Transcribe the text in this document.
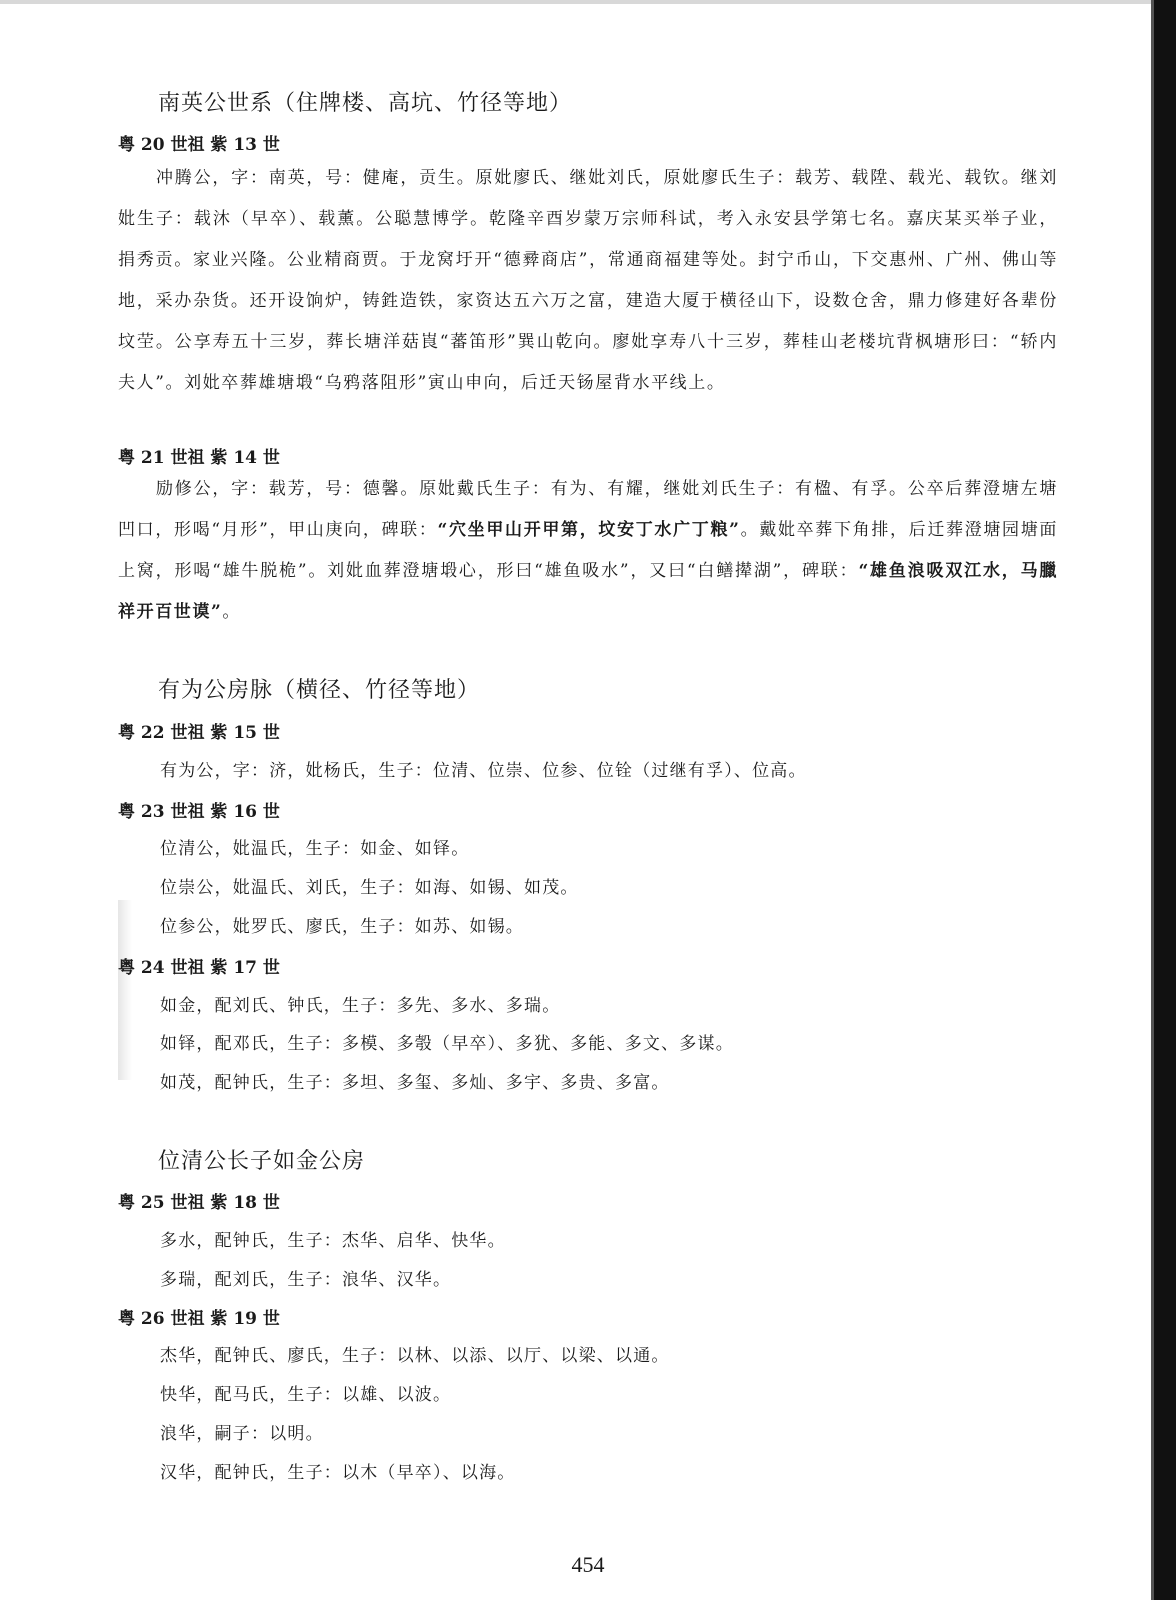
南英公世系（住牌楼、高坑、竹径等地）
粤 20 世祖 紫 13 世
冲腾公，字：南英，号：健庵，贡生。原妣廖氏、继妣刘氏，原妣廖氏生子：载芳、载陞、载光、载钦。继刘妣生子：载沐（早卒）、载薰。公聪慧博学。乾隆辛酉岁蒙万宗师科试，考入永安县学第七名。嘉庆某买举子业，捐秀贡。家业兴隆。公业精商贾。于龙窝圩开“德彛商店”，常通商福建等处。封宁币山，下交惠州、广州、佛山等地，采办杂货。还开设饷炉，铸鉎造铁，家资达五六万之富，建造大厦于横径山下，设数仓舍，鼎力修建好各辈份坟茔。公享寿五十三岁，葬长塘洋菇崀“蕃笛形”巽山乾向。廖妣享寿八十三岁，葬桂山老楼坑背枫塘形曰：“轿内夫人”。刘妣卒葬雄塘塅“乌鸦落阻形”寅山申向，后迁天钖屋背水平线上。
粤 21 世祖 紫 14 世
励修公，字：载芳，号：德馨。原妣戴氏生子：有为、有耀，继妣刘氏生子：有楹、有孚。公卒后葬澄塘左塘凹口，形喝“月形”，甲山庚向，碑联：“穴坐甲山开甲第，坟安丁水广丁粮”。戴妣卒葬下角排，后迁葬澄塘园塘面上窝，形喝“雄牛脱桅”。刘妣血葬澄塘塅心，形曰“雄鱼吸水”，又曰“白鳝撵湖”，碑联：“雄鱼浪吸双江水，马臘祥开百世谟”。
有为公房脉（横径、竹径等地）
粤 22 世祖 紫 15 世
有为公，字：济，妣杨氏，生子：位清、位崇、位参、位铨（过继有孚）、位高。
粤 23 世祖 紫 16 世
位清公，妣温氏，生子：如金、如铎。
位崇公，妣温氏、刘氏，生子：如海、如锡、如茂。
位参公，妣罗氏、廖氏，生子：如苏、如锡。
粤 24 世祖 紫 17 世
如金，配刘氏、钟氏，生子：多先、多水、多瑞。
如铎，配邓氏，生子：多模、多彀（早卒）、多犹、多能、多文、多谋。
如茂，配钟氏，生子：多坦、多玺、多灿、多宇、多贵、多富。
位清公长子如金公房
粤 25 世祖 紫 18 世
多水，配钟氏，生子：杰华、启华、快华。
多瑞，配刘氏，生子：浪华、汉华。
粤 26 世祖 紫 19 世
杰华，配钟氏、廖氏，生子：以林、以添、以厅、以梁、以通。
快华，配马氏，生子：以雄、以波。
浪华，嗣子：以明。
汉华，配钟氏，生子：以木（早卒）、以海。
454
